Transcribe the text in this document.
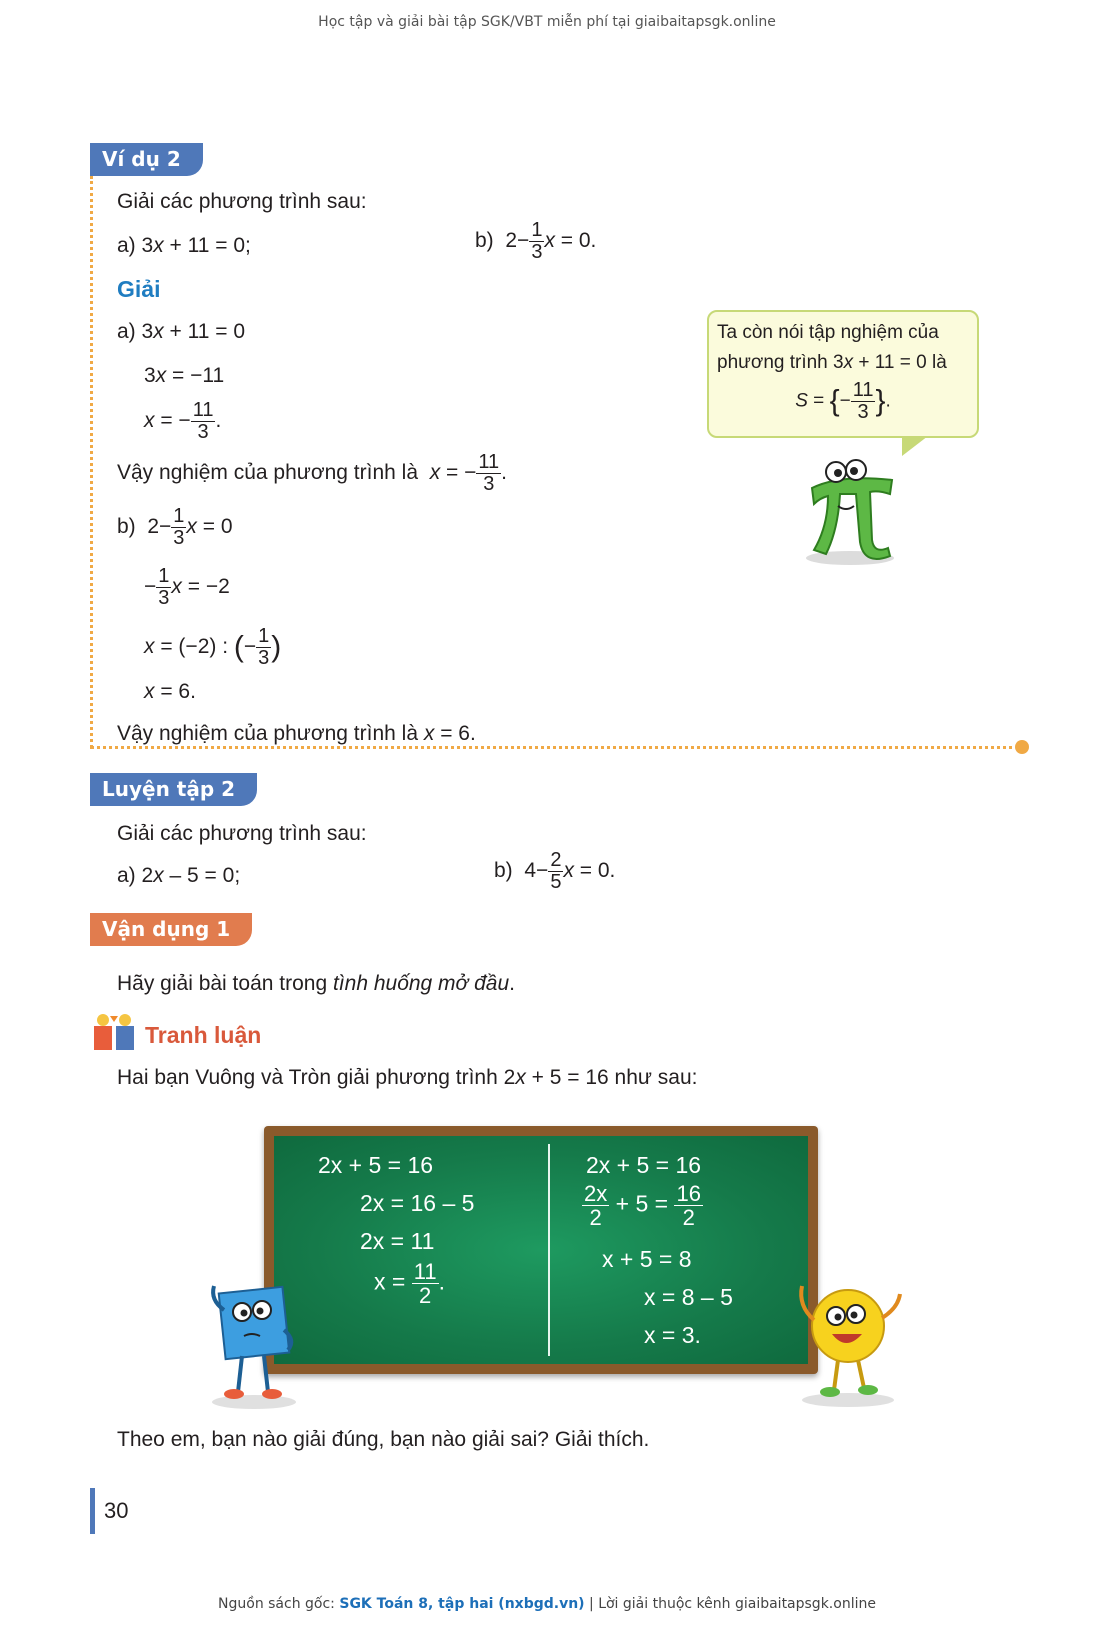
Học tập và giải bài tập SGK/VBT miễn phí tại giaibaitapsgk.online
Ví dụ 2
Giải các phương trình sau:
a) 3x + 11 = 0;	b)  $2- \frac{1}{3}$ x = 0.
Giải
a) 3x + 11 = 0
3x = −11
x = − $\frac{11}{3}$ .
Vậy nghiệm của phương trình là x = − $\frac{11}{3}$ .
b)  $2- \frac{1}{3}$ x = 0
− $\frac{1}{3}$ x = −2
x = (−2) : (− $\frac{1}{3}$ )
x = 6.
Vậy nghiệm của phương trình là x = 6.
Ta còn nói tập nghiệm của
phương trình 3x + 11 = 0 là
S = {− $\frac{11}{3}$ }.
Luyện tập 2
Giải các phương trình sau:
a) 2x – 5 = 0;	b)  $4- \frac{2}{5}$ x = 0.
Vận dụng 1
Hãy giải bài toán trong tình huống mở đầu.
Tranh luận
Hai bạn Vuông và Tròn giải phương trình 2x + 5 = 16 như sau:
2x + 5 = 16
2x = 16 – 5
2x = 11
$x = \frac{11}{2}$ .
2x + 5 = 16
$\frac{2x}{2} + 5 = \frac{16}{2}$
x + 5 = 8
x = 8 – 5
x = 3.
Theo em, bạn nào giải đúng, bạn nào giải sai? Giải thích.
30
Nguồn sách gốc: SGK Toán 8, tập hai (nxbgd.vn) | Lời giải thuộc kênh giaibaitapsgk.online
